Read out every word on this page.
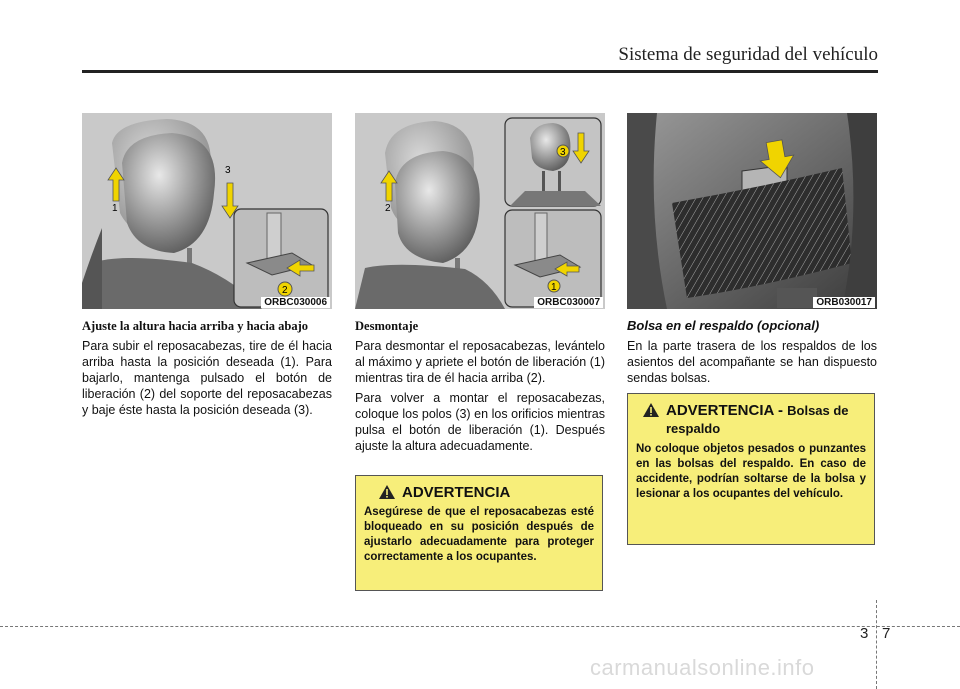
Sistema de seguridad del vehículo
1
3
2
ORBC030006
2
3
1
ORBC030007	ORB030017

Ajuste la altura hacia arriba y hacia abajo

Para subir el reposacabezas, tire de él hacia arriba hasta la posición deseada (1). Para bajarlo, mantenga pulsado el botón de liberación (2) del soporte del reposacabezas y baje éste hasta la posición deseada (3).

Desmontaje

Para desmontar el reposacabezas, levántelo al máximo y apriete el botón de liberación (1) mientras tira de él hacia arriba (2).

Para volver a montar el reposacabezas, coloque los polos (3) en los orificios mientras pulsa el botón de liberación (1). Después ajuste la altura adecuadamente.

Bolsa en el respaldo (opcional)

En la parte trasera de los respaldos de los asientos del acompañante se han dispuesto sendas bolsas.

ADVERTENCIA
Asegúrese de que el reposacabezas esté bloqueado en su posición después de ajustarlo adecuadamente para proteger correctamente a los ocupantes.
ADVERTENCIA - Bolsas de respaldo
No coloque objetos pesados o punzantes en las bolsas del respaldo. En caso de accidente, podrían soltarse de la bolsa y lesionar a los ocupantes del vehículo.
3 7
carmanualsonline.info
